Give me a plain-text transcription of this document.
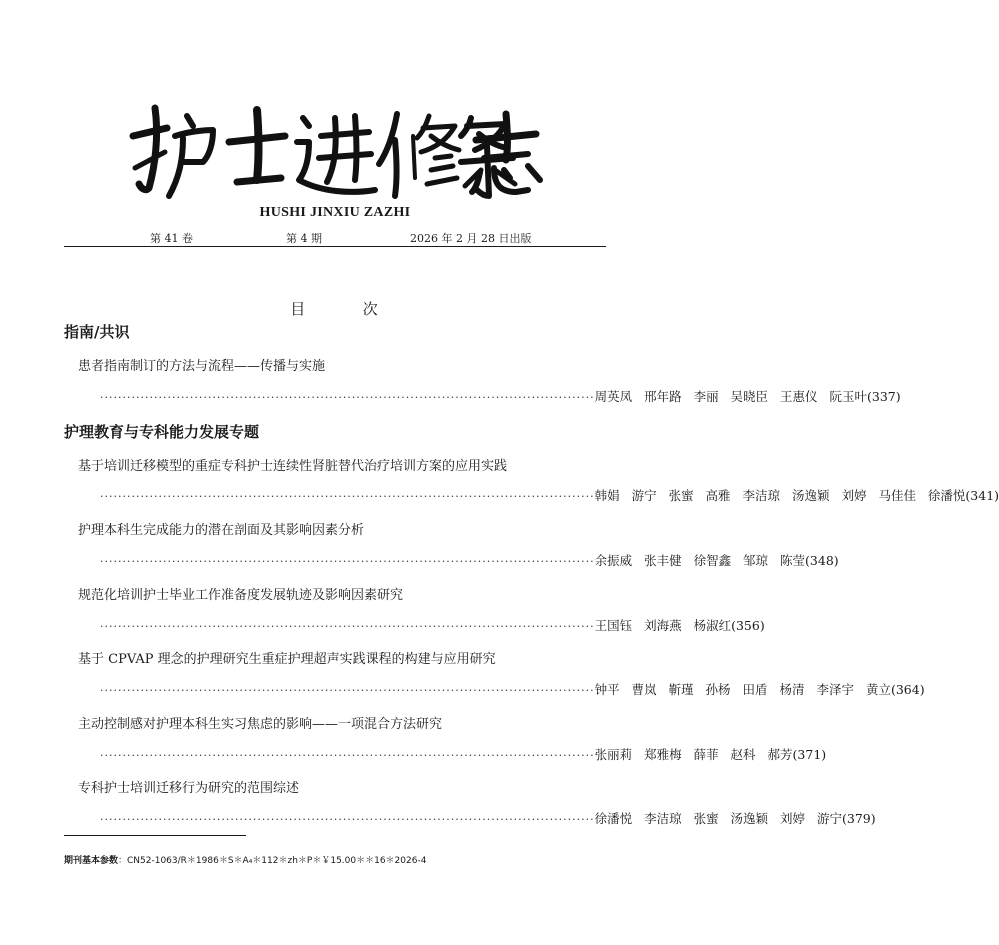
HUSHI JINXIU ZAZHI
第 41 卷	第 4 期	2026 年 2 月 28 日出版
目	次
指南/共识
患者指南制订的方法与流程——传播与实施
·············································································································· 周英凤 邢年路 李丽 吴晓臣 王惠仪 阮玉叶 (337)
护理教育与专科能力发展专题
基于培训迁移模型的重症专科护士连续性肾脏替代治疗培训方案的应用实践
·············································································································· 韩娟 游宁 张蜜 高雅 李洁琼 汤逸颖 刘婷 马佳佳 徐潘悦 (341)
护理本科生完成能力的潜在剖面及其影响因素分析
·············································································································· 余振威 张丰健 徐智鑫 邹琼 陈莹 (348)
规范化培训护士毕业工作准备度发展轨迹及影响因素研究
·············································································································· 王国钰 刘海燕 杨淑红 (356)
基于 CPVAP 理念的护理研究生重症护理超声实践课程的构建与应用研究
·············································································································· 钟平 曹岚 靳瑾 孙杨 田盾 杨清 李泽宇 黄立 (364)
主动控制感对护理本科生实习焦虑的影响——一项混合方法研究
·············································································································· 张丽莉 郑雅梅 薛菲 赵科 郝芳 (371)
专科护士培训迁移行为研究的范围综述
·············································································································· 徐潘悦 李洁琼 张蜜 汤逸颖 刘婷 游宁 (379)
期刊基本参数：CN52-1063/R＊1986＊S＊A₄＊112＊zh＊P＊￥15.00＊＊16＊2026-4
